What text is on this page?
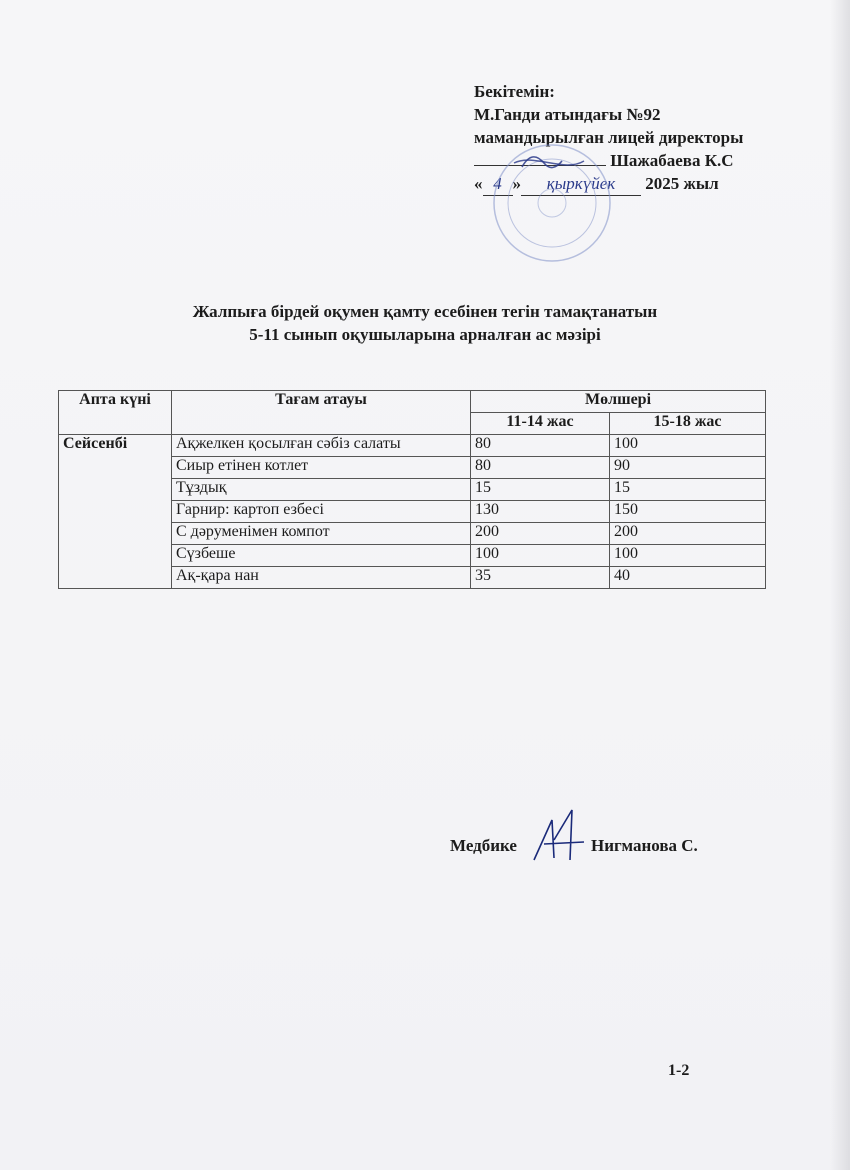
Бекітемін:
М.Ганди атындағы №92
мамандырылған лицей директоры
Шажабаева К.С
« 4 » қыркүйек 2025 жыл
Жалпыға бірдей оқумен қамту есебінен тегін тамақтанатын
5-11 сынып оқушыларына арналған ас мәзірі
Апта күні	Тағам атауы	Мөлшері	
		11-14 жас	15-18 жас
Сейсенбі	Ақжелкен қосылған сәбіз салаты	80	100
	Сиыр етінен котлет	80	90
	Тұздық	15	15
	Гарнир: картоп езбесі	130	150
	С дәруменімен компот	200	200
	Сүзбеше	100	100
	Ақ-қара нан	35	40
Медбике	Нигманова С.
1-2
